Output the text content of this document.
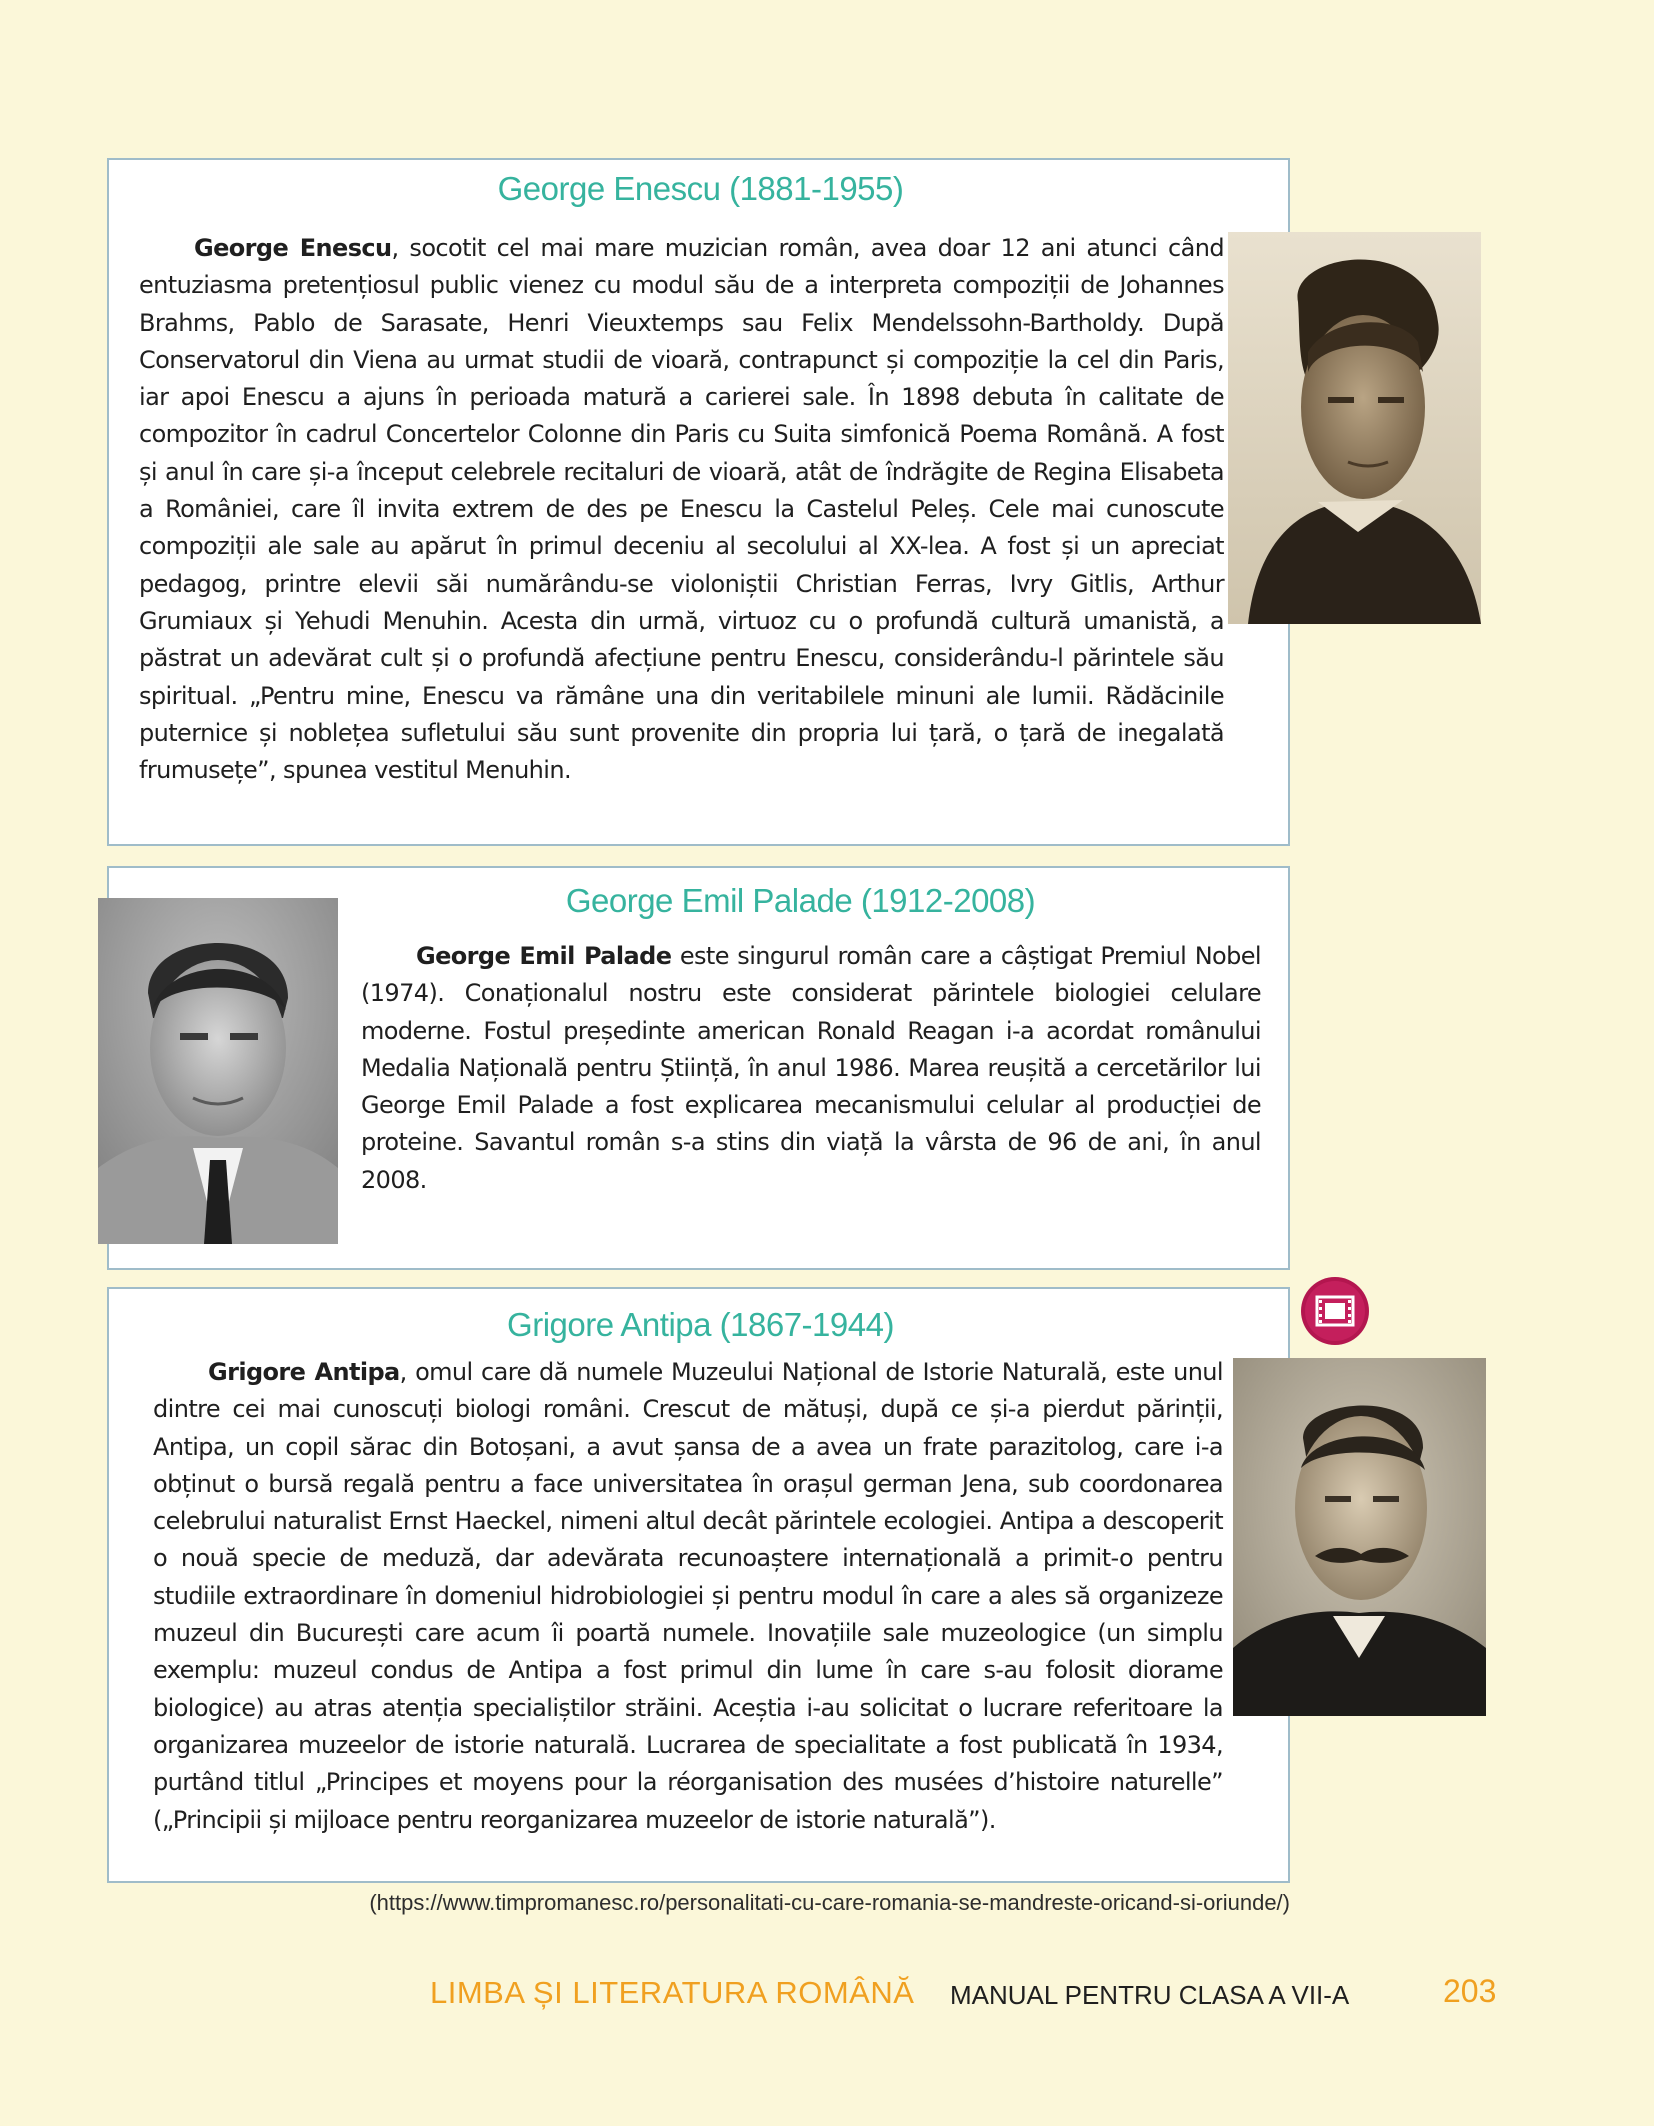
George Enescu (1881-1955)
George Enescu, socotit cel mai mare muzician român, avea doar 12 ani atunci când entuziasma pretențiosul public vienez cu modul său de a interpreta compoziții de Johannes Brahms, Pablo de Sarasate, Henri Vieuxtemps sau Felix Mendelssohn-Bartholdy. După Conservatorul din Viena au urmat studii de vioară, contrapunct și compoziție la cel din Paris, iar apoi Enescu a ajuns în perioada matură a carierei sale. În 1898 debuta în calitate de compozitor în cadrul Concertelor Colonne din Paris cu Suita simfonică Poema Română. A fost și anul în care și-a început celebrele recitaluri de vioară, atât de îndrăgite de Regina Elisabeta a României, care îl invita extrem de des pe Enescu la Castelul Peleș. Cele mai cunoscute compoziții ale sale au apărut în primul deceniu al secolului al XX-lea. A fost și un apreciat pedagog, printre elevii săi numărându-se violoniștii Christian Ferras, Ivry Gitlis, Arthur Grumiaux și Yehudi Menuhin. Acesta din urmă, virtuoz cu o profundă cultură umanistă, a păstrat un adevărat cult și o profundă afecțiune pentru Enescu, considerându-l părintele său spiritual. „Pentru mine, Enescu va rămâne una din veritabilele minuni ale lumii. Rădăcinile puternice și noblețea sufletului său sunt provenite din propria lui țară, o țară de inegalată frumusețe”, spunea vestitul Menuhin.
George Emil Palade (1912-2008)
George Emil Palade este singurul român care a câștigat Premiul Nobel (1974). Conaționalul nostru este considerat părintele biologiei celulare moderne. Fostul președinte american Ronald Reagan i-a acordat românului Medalia Națională pentru Știință, în anul 1986. Marea reușită a cercetărilor lui George Emil Palade a fost explicarea mecanismului celular al producției de proteine. Savantul român s-a stins din viață la vârsta de 96 de ani, în anul 2008.
Grigore Antipa (1867-1944)
Grigore Antipa, omul care dă numele Muzeului Național de Istorie Naturală, este unul dintre cei mai cunoscuți biologi români. Crescut de mătuși, după ce și-a pierdut părinții, Antipa, un copil sărac din Botoșani, a avut șansa de a avea un frate parazitolog, care i-a obținut o bursă regală pentru a face universitatea în orașul german Jena, sub coordonarea celebrului naturalist Ernst Haeckel, nimeni altul decât părintele ecologiei. Antipa a descoperit o nouă specie de meduză, dar adevărata recunoaștere internațională a primit-o pentru studiile extraordinare în domeniul hidrobiologiei și pentru modul în care a ales să organizeze muzeul din București care acum îi poartă numele. Inovațiile sale muzeologice (un simplu exemplu: muzeul condus de Antipa a fost primul din lume în care s-au folosit diorame biologice) au atras atenția specialiștilor străini. Aceștia i-au solicitat o lucrare referitoare la organizarea muzeelor de istorie naturală. Lucrarea de specialitate a fost publicată în 1934, purtând titlul „Principes et moyens pour la réorganisation des musées d’histoire naturelle” („Principii și mijloace pentru reorganizarea muzeelor de istorie naturală”).
(https://www.timpromanesc.ro/personalitati-cu-care-romania-se-mandreste-oricand-si-oriunde/)
LIMBA ȘI LITERATURA ROMÂNĂ MANUAL PENTRU CLASA A VII-A	203
